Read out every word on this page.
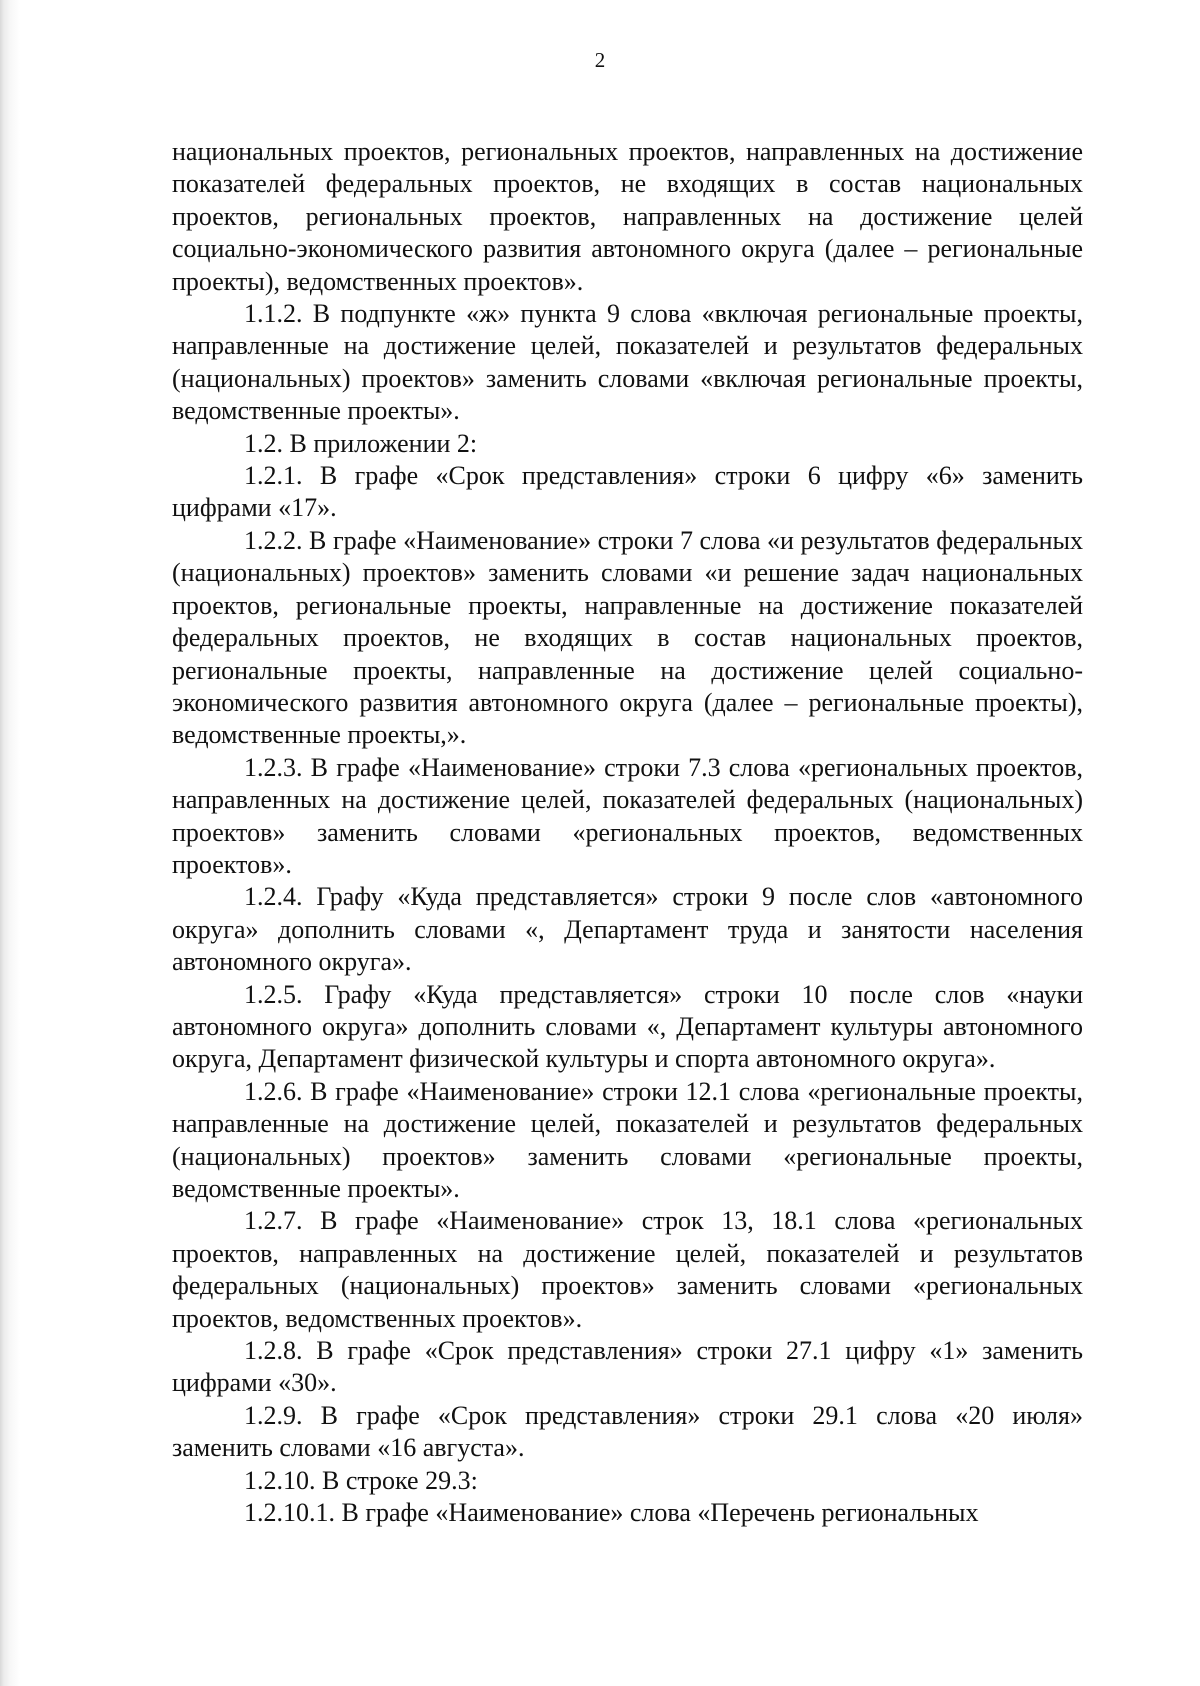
2

национальных проектов, региональных проектов, направленных на достижение показателей федеральных проектов, не входящих в состав национальных проектов, региональных проектов, направленных на достижение целей социально-экономического развития автономного округа (далее – региональные проекты), ведомственных проектов».

1.1.2. В подпункте «ж» пункта 9 слова «включая региональные проекты, направленные на достижение целей, показателей и результатов федеральных (национальных) проектов» заменить словами «включая региональные проекты, ведомственные проекты».

1.2. В приложении 2:

1.2.1. В графе «Срок представления» строки 6 цифру «6» заменить цифрами «17».

1.2.2. В графе «Наименование» строки 7 слова «и результатов федеральных (национальных) проектов» заменить словами «и решение задач национальных проектов, региональные проекты, направленные на достижение показателей федеральных проектов, не входящих в состав национальных проектов, региональные проекты, направленные на достижение целей социально-экономического развития автономного округа (далее – региональные проекты), ведомственные проекты,».

1.2.3. В графе «Наименование» строки 7.3 слова «региональных проектов, направленных на достижение целей, показателей федеральных (национальных) проектов» заменить словами «региональных проектов, ведомственных проектов».

1.2.4. Графу «Куда представляется» строки 9 после слов «автономного округа» дополнить словами «, Департамент труда и занятости населения автономного округа».

1.2.5. Графу «Куда представляется» строки 10 после слов «науки автономного округа» дополнить словами «, Департамент культуры автономного округа, Департамент физической культуры и спорта автономного округа».

1.2.6. В графе «Наименование» строки 12.1 слова «региональные проекты, направленные на достижение целей, показателей и результатов федеральных (национальных) проектов» заменить словами «региональные проекты, ведомственные проекты».

1.2.7. В графе «Наименование» строк 13, 18.1 слова «региональных проектов, направленных на достижение целей, показателей и результатов федеральных (национальных) проектов» заменить словами «региональных проектов, ведомственных проектов».

1.2.8. В графе «Срок представления» строки 27.1 цифру «1» заменить цифрами «30».

1.2.9. В графе «Срок представления» строки 29.1 слова «20 июля» заменить словами «16 августа».

1.2.10. В строке 29.3:

1.2.10.1. В графе «Наименование» слова «Перечень региональных
